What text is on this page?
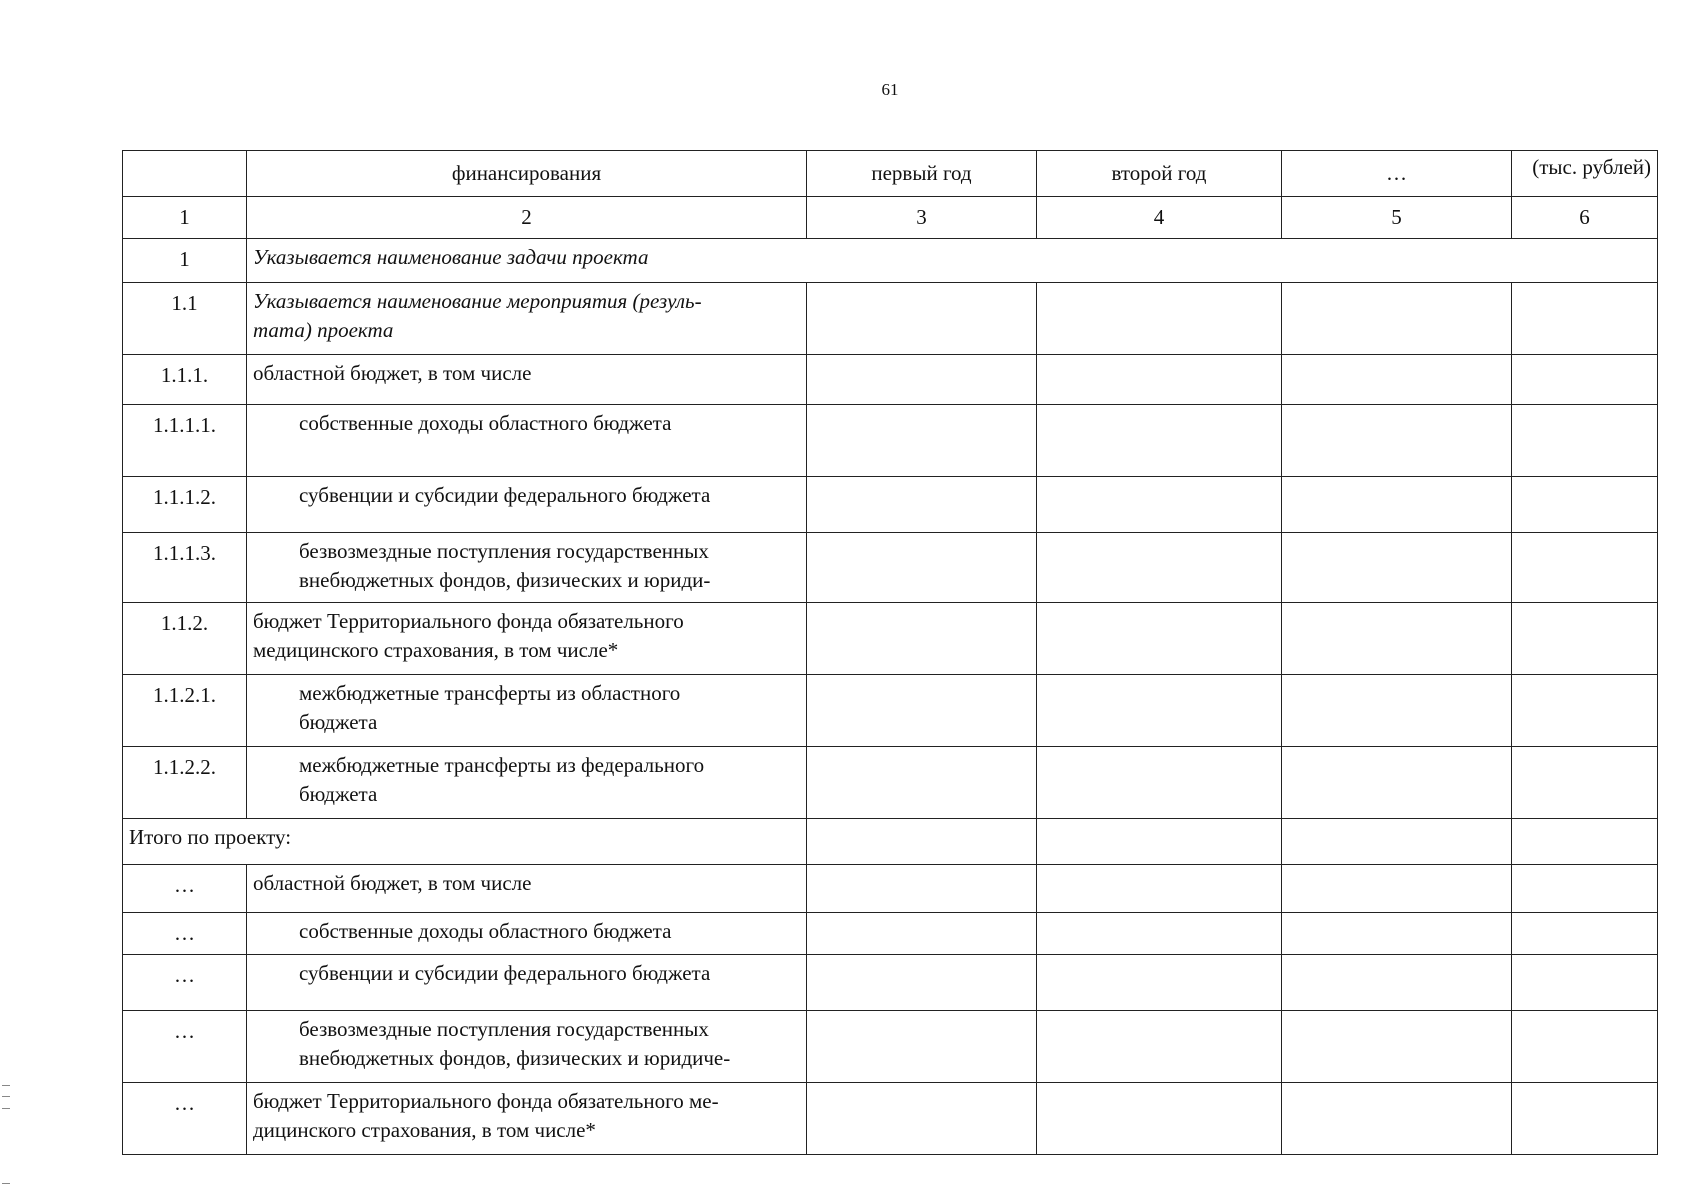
61
	финансирования	первый год	второй год	…	(тыс. рублей)
1	2	3	4	5	6
1	Указывается наименование задачи проекта				
1.1	Указывается наименование мероприятия (резуль-
тата) проекта				

1.1.1.	областной бюджет, в том числе				

1.1.1.1.	собственные доходы областного бюджета				

1.1.1.2.	субвенции и субсидии федерального бюджета				

1.1.1.3.	безвозмездные поступления государственных
внебюджетных фондов, физических и юриди-				

1.1.2.	бюджет Территориального фонда обязательного
медицинского страхования, в том числе*				

1.1.2.1.	межбюджетные трансферты из областного
бюджета				

1.1.2.2.	межбюджетные трансферты из федерального
бюджета				

Итого по проекту:					
…	областной бюджет, в том числе				

…	собственные доходы областного бюджета				

…	субвенции и субсидии федерального бюджета				

…	безвозмездные поступления государственных
внебюджетных фондов, физических и юридиче-				

…	бюджет Территориального фонда обязательного ме-
дицинского страхования, в том числе*				
